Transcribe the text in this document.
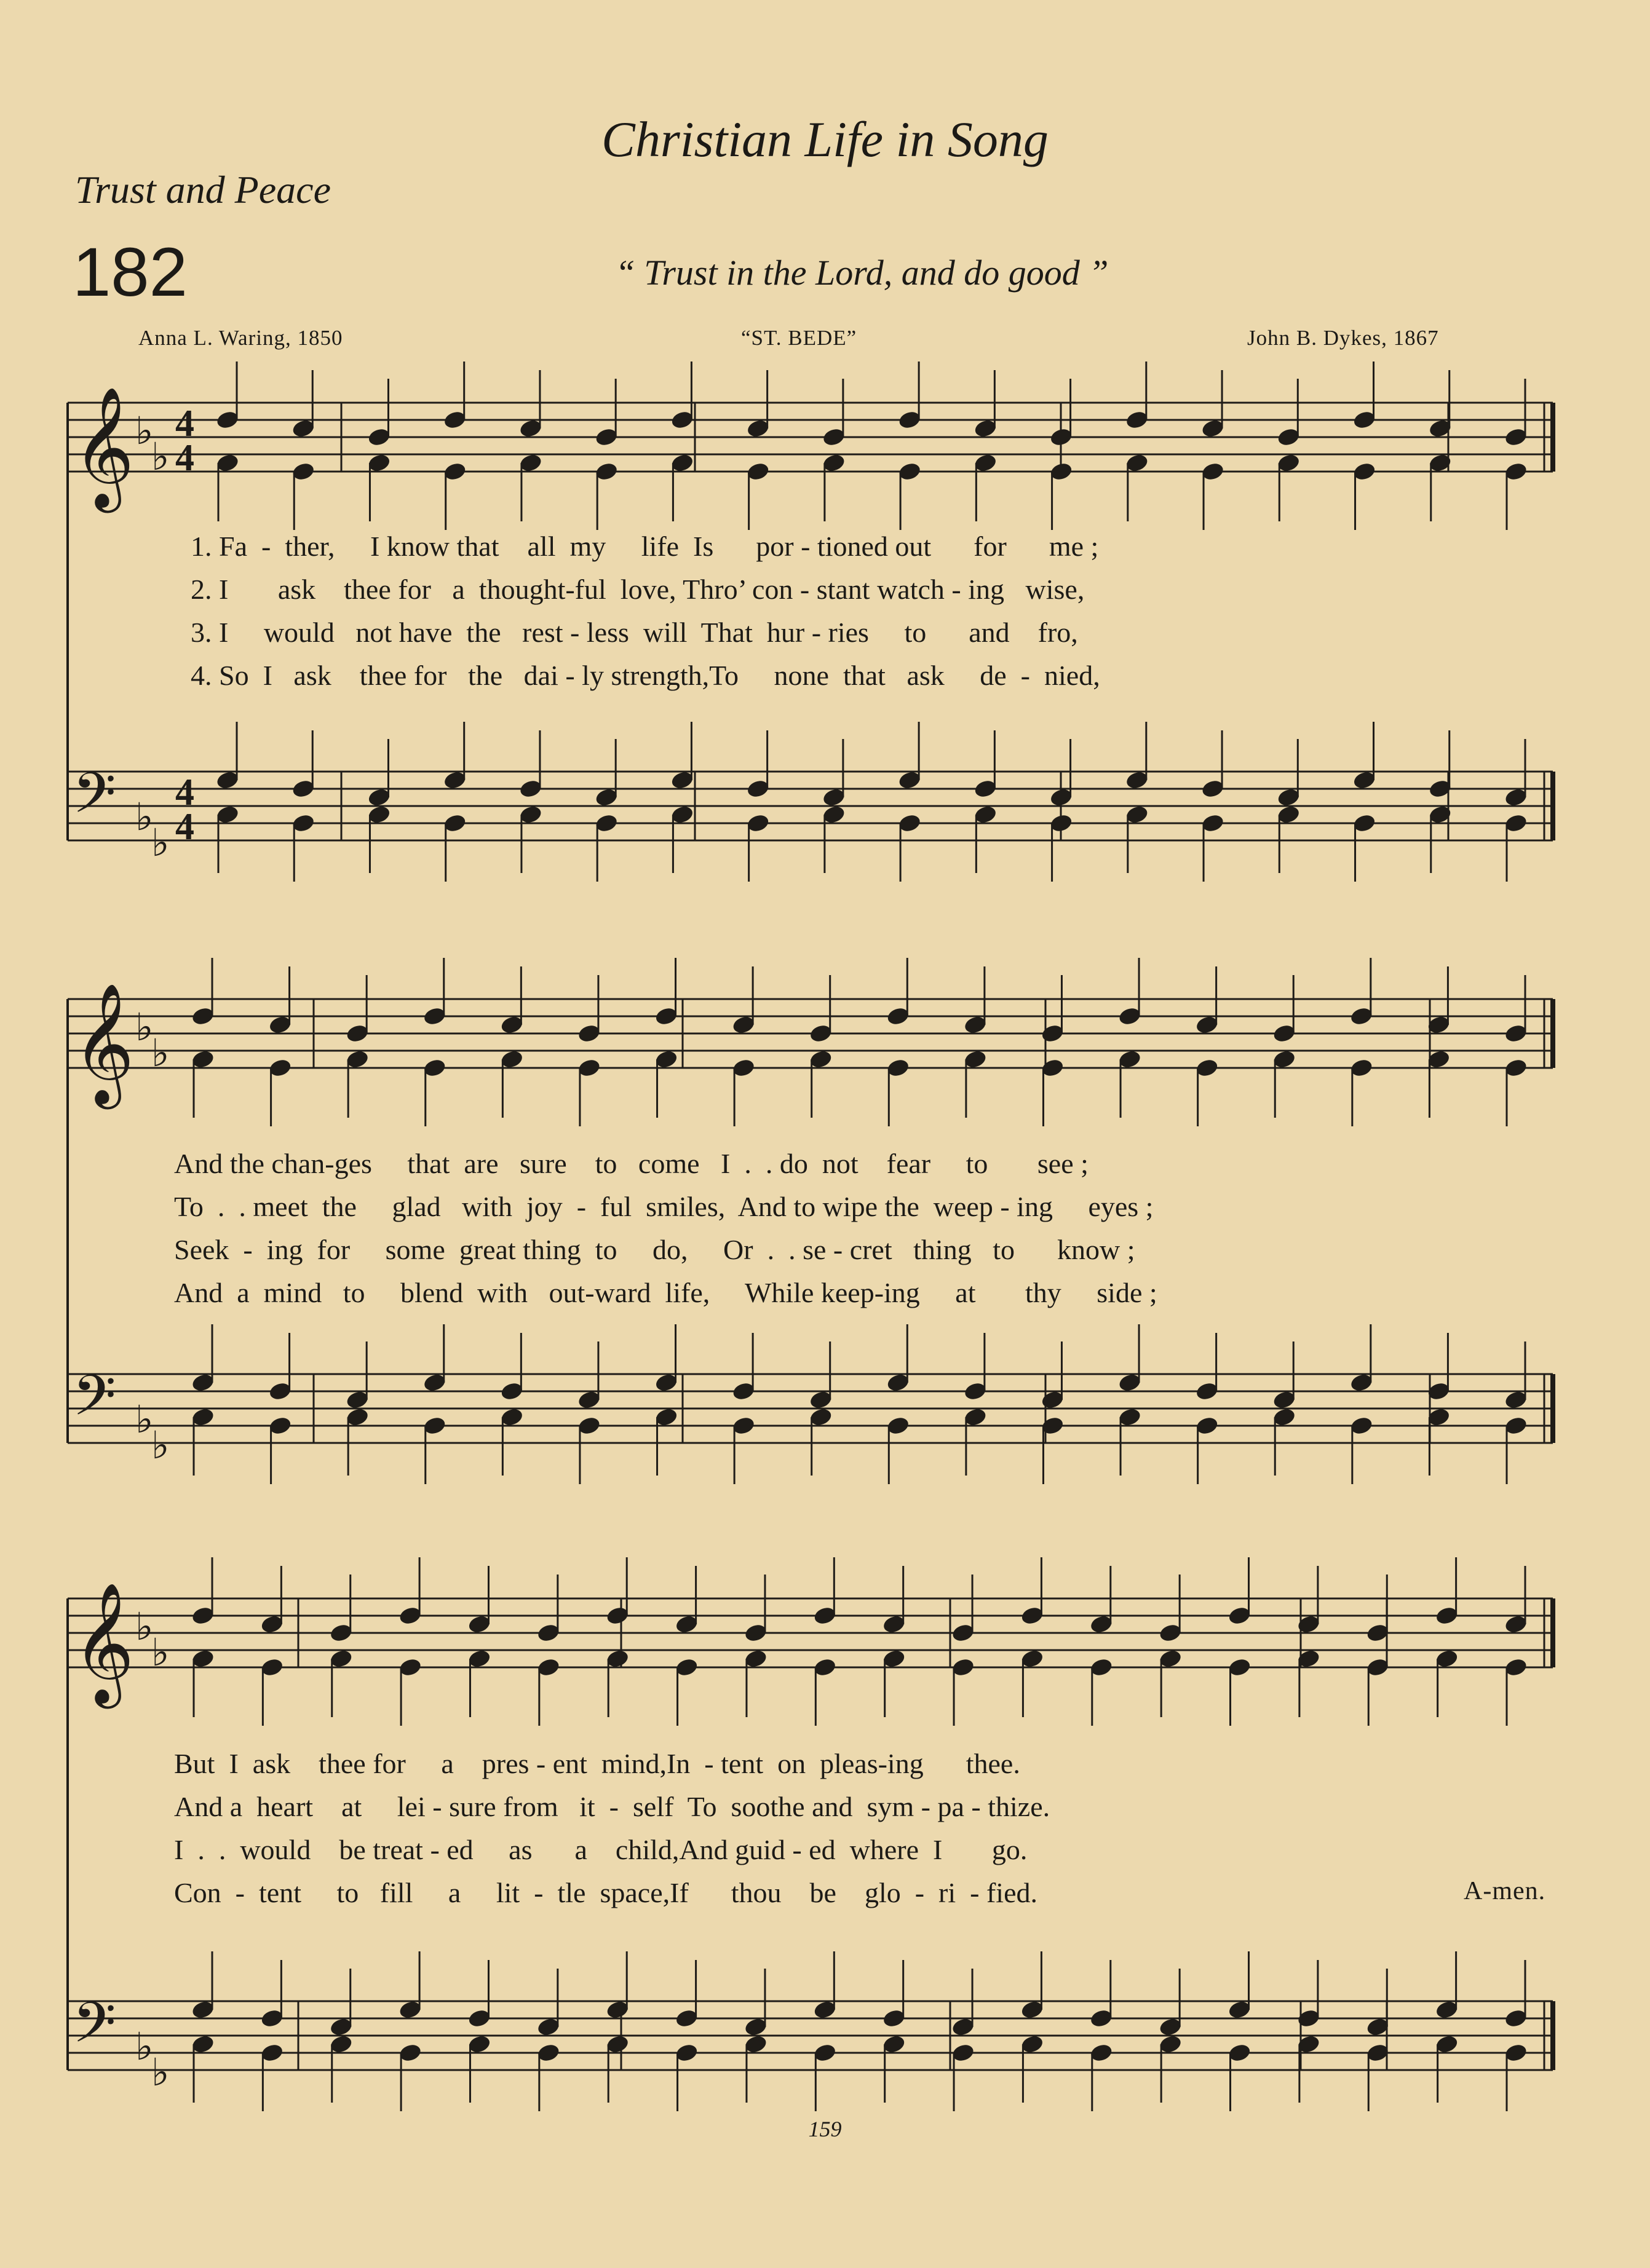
Christian Life in Song
Trust and Peace
182	“ Trust in the Lord, and do good ”
Anna L. Waring, 1850	“ST. BEDE”	John B. Dykes, 1867
𝄞 ♭
♭
4
4
𝄢 ♭
♭
4
4
𝄞 ♭
♭
𝄢 ♭
♭
𝄞 ♭
♭
𝄢 ♭
♭
1. Fa  -  ther,     I know that    all  my     life  Is      por - tioned out      for      me ;
2. I       ask    thee for   a  thought-ful  love, Thro’ con - stant watch - ing   wise,
3. I     would   not have  the   rest - less  will  That  hur - ries     to      and    fro,
4. So  I   ask    thee for   the   dai - ly strength,To     none  that   ask     de  -  nied,
And the chan-ges     that  are   sure    to   come   I  .  . do  not    fear     to       see ;
To  .  . meet  the     glad   with  joy  -  ful  smiles,  And to wipe the  weep - ing     eyes ;
Seek  -  ing  for     some  great thing  to     do,     Or  .  . se - cret   thing   to      know ;
And  a  mind   to     blend  with   out-ward  life,     While keep-ing     at       thy     side ;
But  I  ask    thee for     a    pres - ent  mind,In  - tent  on  pleas-ing      thee.
And a  heart    at     lei - sure from   it  -  self  To  soothe and  sym - pa - thize.
I  .  .  would    be treat - ed     as      a    child,And guid - ed  where  I       go.
Con  -  tent     to   fill     a     lit  -  tle  space,If      thou    be    glo  -  ri  - fied.	A-men.
159
